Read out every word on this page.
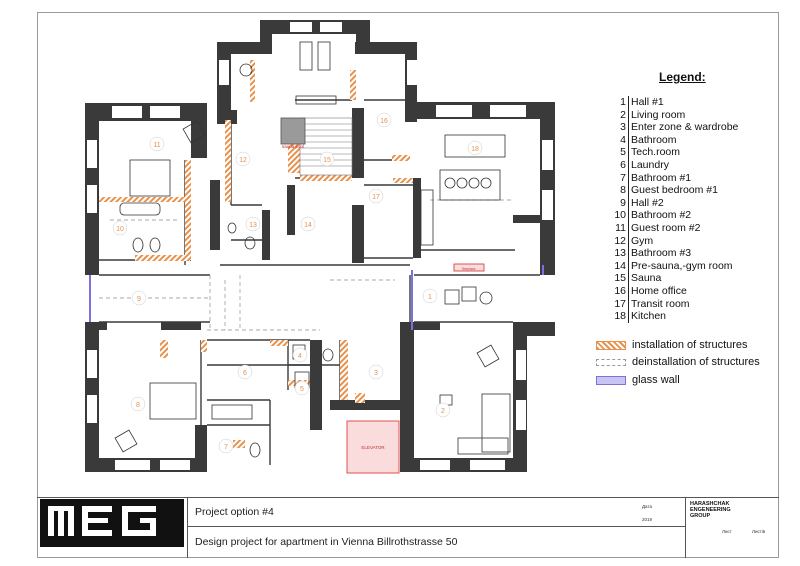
sauna pool
ELEVATOR
fireplace
1
2
3
4
5
6
7
8
9
10
11
12
13	14
15
16
17
18
Legend:
1 Hall #1
2 Living room
3 Enter zone & wardrobe
4 Bathroom
5 Tech.room
6 Laundry
7 Bathroom #1
8 Guest bedroom #1
9 Hall #2
10 Bathroom #2
11 Guest room #2
12 Gym
13 Bathroom #3
14 Pre-sauna,-gym room
15 Sauna
16 Home office
17 Transit room
18 Kitchen
installation of structures
deinstallation of structures
glass wall
HARASHCHAK ENGENEERING GROUP
Project option #4
Design project for apartment in Vienna Billrothstrasse 50
Дата
2019
Лист	Листів
HARASHCHAK ENGENEERING GROUP
